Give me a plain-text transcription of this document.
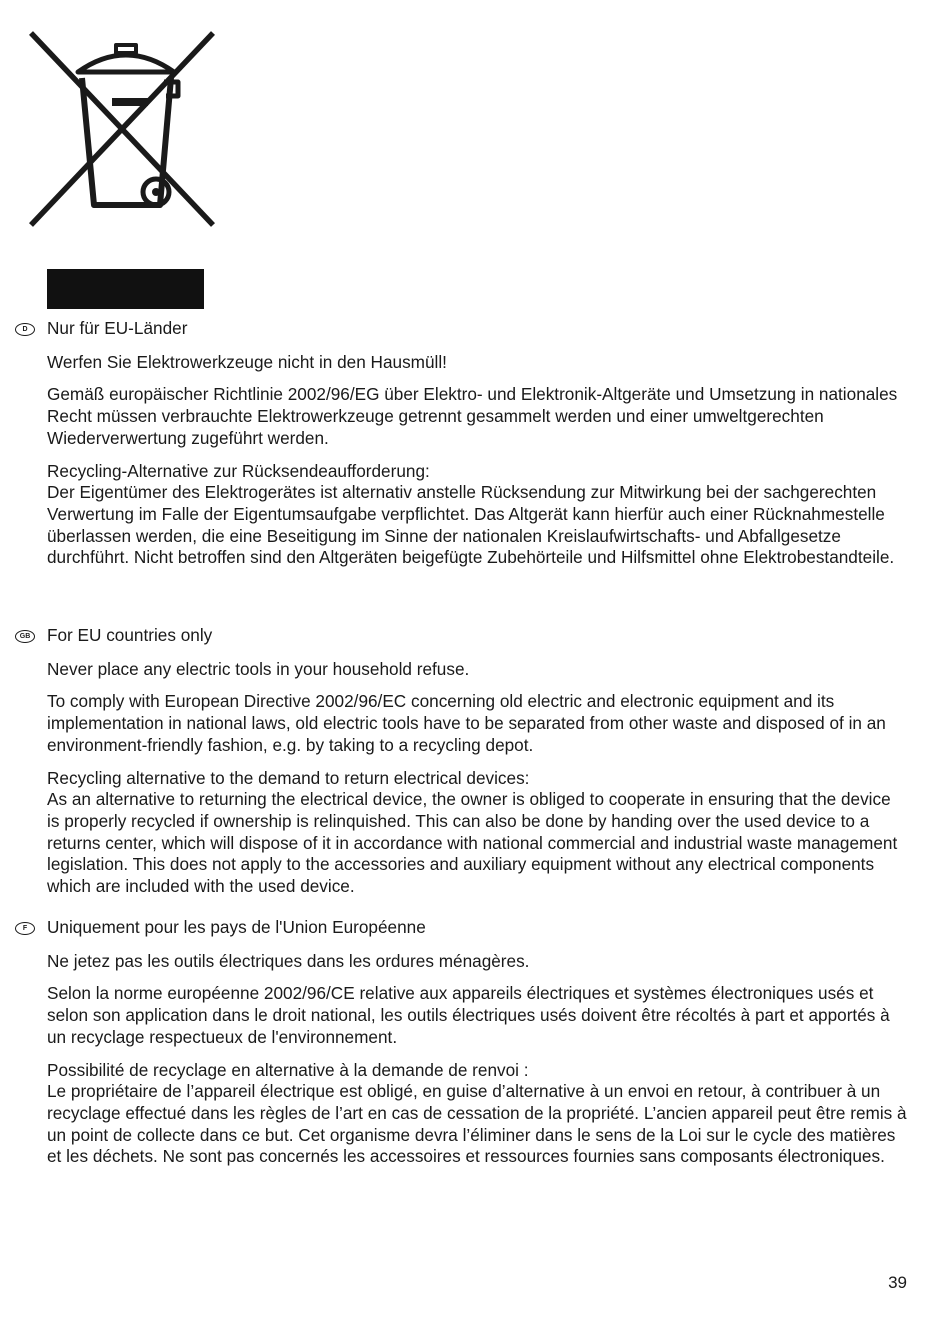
D	Nur für EU-Länder

Werfen Sie Elektrowerkzeuge nicht in den Hausmüll!

Gemäß europäischer Richtlinie 2002/96/EG über Elektro- und Elektronik-Altgeräte und Umsetzung in nationales Recht müssen verbrauchte Elektrowerkzeuge getrennt gesammelt werden und einer umweltgerechten Wiederverwertung zugeführt werden.

Recycling-Alternative zur Rücksendeaufforderung:
Der Eigentümer des Elektrogerätes ist alternativ anstelle Rücksendung zur Mitwirkung bei der sachgerechten Verwertung im Falle der Eigentumsaufgabe verpflichtet. Das Altgerät kann hierfür auch einer Rücknahmestelle überlassen werden, die eine Beseitigung im Sinne der nationalen Kreislaufwirtschafts- und Abfallgesetze durchführt. Nicht betroffen sind den Altgeräten beigefügte Zubehörteile und Hilfsmittel ohne Elektrobestandteile.

GB For EU countries only

Never place any electric tools in your household refuse.

To comply with European Directive 2002/96/EC concerning old electric and electronic equipment and its implementation in national laws, old electric tools have to be separated from other waste and disposed of in an environment-friendly fashion, e.g. by taking to a recycling depot.

Recycling alternative to the demand to return electrical devices:
As an alternative to returning the electrical device, the owner is obliged to cooperate in ensuring that the device is properly recycled if ownership is relinquished. This can also be done by handing over the used device to a returns center, which will dispose of it in accordance with national commercial and industrial waste management legislation. This does not apply to the accessories and auxiliary equipment without any electrical components which are included with the used device.

F	Uniquement pour les pays de l'Union Européenne

Ne jetez pas les outils électriques dans les ordures ménagères.

Selon la norme européenne 2002/96/CE relative aux appareils électriques et systèmes électroniques usés et selon son application dans le droit national, les outils électriques usés doivent être récoltés à part et apportés à un recyclage respectueux de l'environnement.

Possibilité de recyclage en alternative à la demande de renvoi :
Le propriétaire de l’appareil électrique est obligé, en guise d’alternative à un envoi en retour, à contribuer à un recyclage effectué dans les règles de l’art en cas de cessation de la propriété. L’ancien appareil peut être remis à un point de collecte dans ce but. Cet organisme devra l’éliminer dans le sens de la Loi sur le cycle des matières et les déchets. Ne sont pas concernés les accessoires et ressources fournies sans composants électroniques.

39
